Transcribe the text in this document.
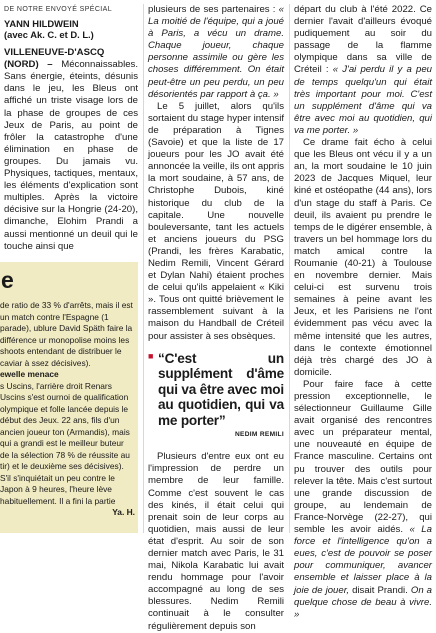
DE NOTRE ENVOYÉ SPÉCIAL
YANN HILDWEIN
(avec Ak. C. et D. L.)

VILLENEUVE-D'ASCQ (NORD) – Méconnaissables. Sans énergie, éteints, désunis dans le jeu, les Bleus ont affiché un triste visage lors de la phase de groupes de ces Jeux de Paris, au point de frôler la catastrophe d'une élimination en phase de groupes. Du jamais vu. Physiques, tactiques, mentaux, les éléments d'explication sont multiples. Après la victoire décisive sur la Hongrie (24-20), dimanche, Elohim Prandi a aussi mentionné un deuil qui le touche ainsi que

e

de ratio de 33 % d'arrêts, mais il est un match contre l'Espagne (1 parade), ublure David Späth faire la différence ur monopolise moins les shoots entendant de distribuer le caviar à ssez décisives).

ewelle menace

s Uscins, l'arrière droit Renars Uscins s'est ournoi de qualification olympique et folle lancée depuis le début des Jeux. 22 ans, fils d'un ancien joueur ton (Armandis), mais qui a grandi est le meilleur buteur de la sélection 78 % de réussite au tir) et le deuxième ses décisives). S'il s'inquiétait un peu contre le Japon à 9 heures, l'heure lève habituellement. Il a fini la partie

Ya. H.

plusieurs de ses partenaires : « La moitié de l'équipe, qui a joué à Paris, a vécu un drame. Chaque joueur, chaque personne assimile ou gère les choses différemment. On était peut-être un peu perdu, un peu désorientés par rapport à ça. »

Le 5 juillet, alors qu'ils sortaient du stage hyper intensif de préparation à Tignes (Savoie) et que la liste de 17 joueurs pour les JO avait été annoncée la veille, ils ont appris la mort soudaine, à 57 ans, de Christophe Dubois, kiné historique du club de la capitale. Une nouvelle bouleversante, tant les actuels et anciens joueurs du PSG (Prandi, les frères Karabatic, Nedim Remili, Vincent Gérard et Dylan Nahi) étaient proches de celui qu'ils appelaient « Kiki ». Tous ont quitté brièvement le rassemblement suivant à la maison du Handball de Créteil pour assister à ses obsèques.

■ “C'est un supplément d'âme qui va être avec moi au quotidien, qui va me porter”
NEDIM REMILI

Plusieurs d'entre eux ont eu l'impression de perdre un membre de leur famille. Comme c'est souvent le cas des kinés, il était celui qui prenait soin de leur corps au quotidien, mais aussi de leur état d'esprit. Au soir de son dernier match avec Paris, le 31 mai, Nikola Karabatic lui avait rendu hommage pour l'avoir accompagné au long de ses blessures. Nedim Remili continuait à le consulter régulièrement depuis son

départ du club à l'été 2022. Ce dernier l'avait d'ailleurs évoqué pudiquement au soir du passage de la flamme olympique dans sa ville de Créteil : « J'ai perdu il y a peu de temps quelqu'un qui était très important pour moi. C'est un supplément d'âme qui va être avec moi au quotidien, qui va me porter. »

Ce drame fait écho à celui que les Bleus ont vécu il y a un an, la mort soudaine le 10 juin 2023 de Jacques Miquel, leur kiné et ostéopathe (44 ans), lors d'un stage du staff à Paris. Ce deuil, ils avaient pu prendre le temps de le digérer ensemble, à travers un bel hommage lors du match amical contre la Roumanie (40-21) à Toulouse en novembre dernier. Mais celui-ci est survenu trois semaines à peine avant les Jeux, et les Parisiens ne l'ont évidemment pas vécu avec la même intensité que les autres, dans le contexte émotionnel déjà très chargé des JO à domicile.

Pour faire face à cette pression exceptionnelle, le sélectionneur Guillaume Gille avait organisé des rencontres avec un préparateur mental, une nouveauté en équipe de France masculine. Certains ont pu trouver des outils pour relever la tête. Mais c'est surtout une grande discussion de groupe, au lendemain de France-Norvège (22-27), qui semble les avoir aidés. « La force et l'intelligence qu'on a eues, c'est de pouvoir se poser pour communiquer, avancer ensemble et laisser place à la joie de jouer, disait Prandi. On a quelque chose de beau à vivre. »
